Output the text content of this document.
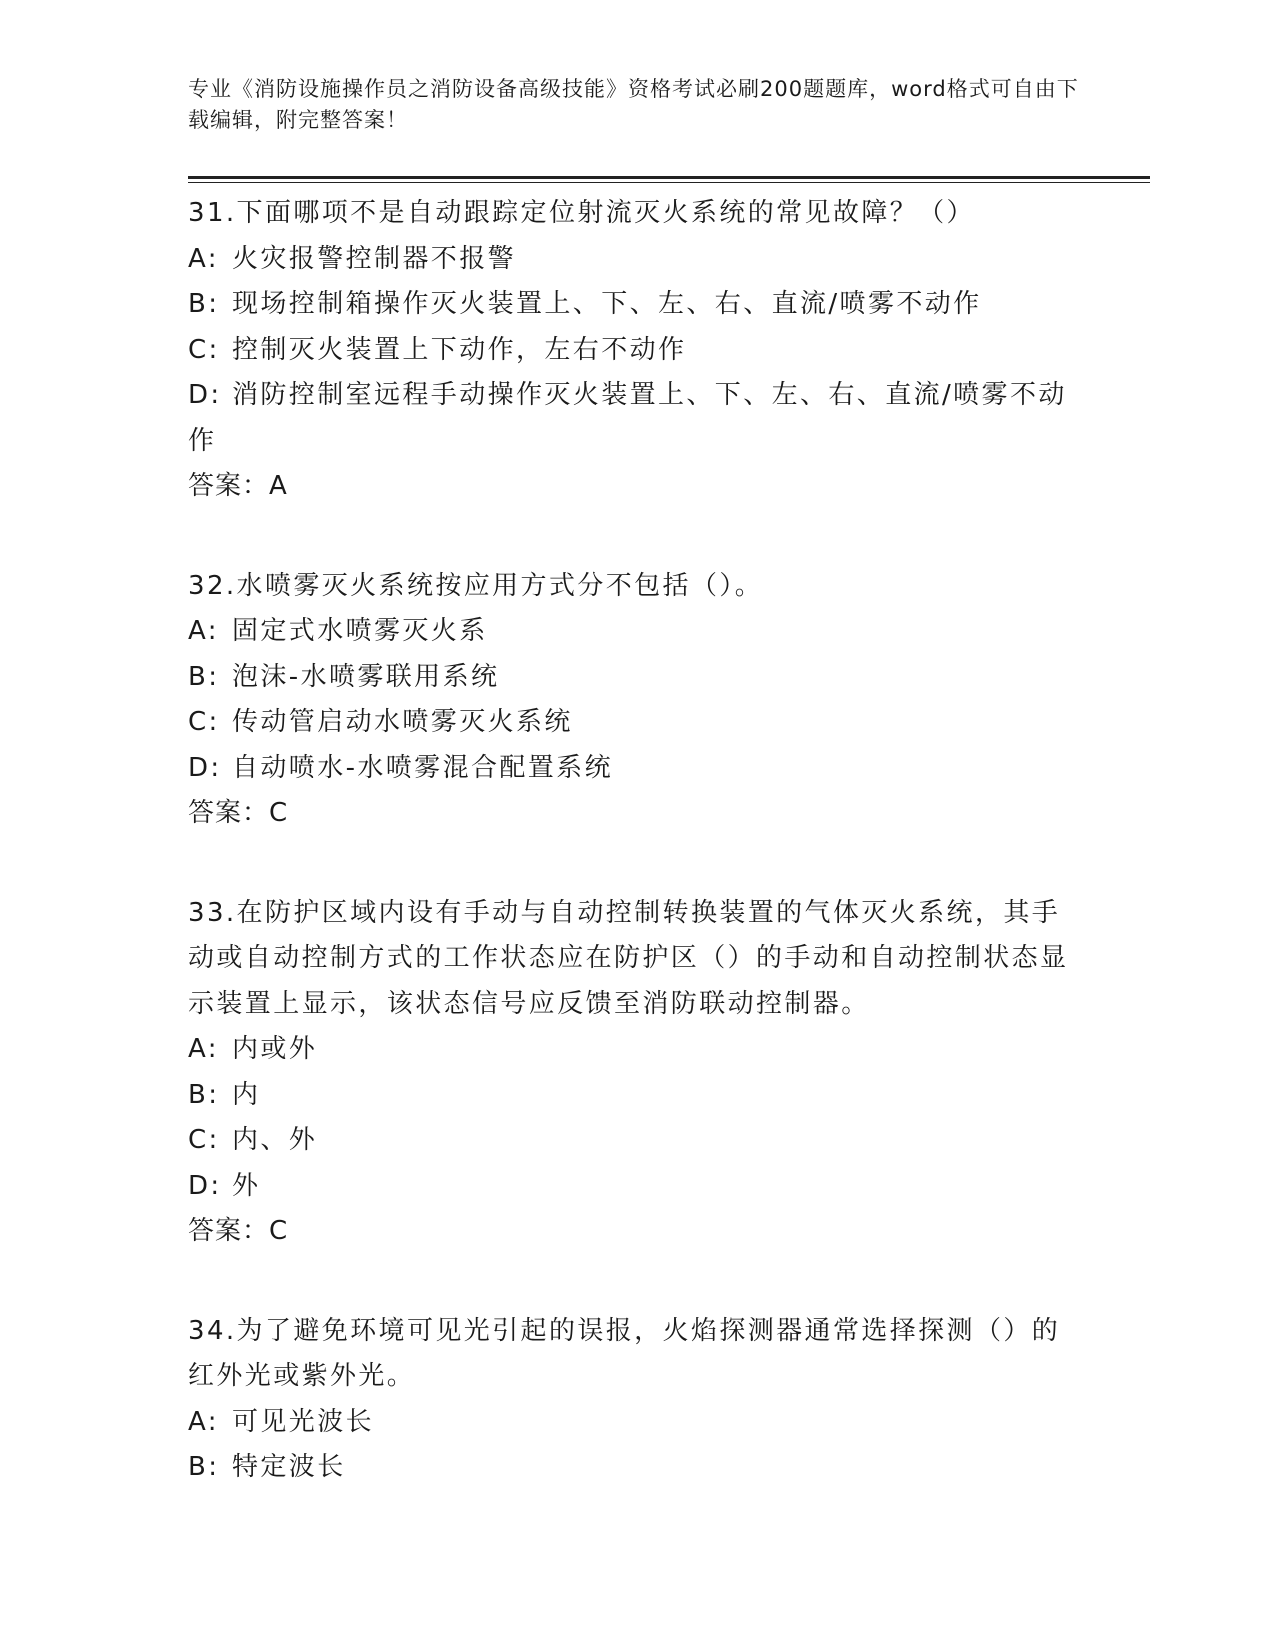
专业《消防设施操作员之消防设备高级技能》资格考试必刷200题题库，word格式可自由下载编辑，附完整答案！
31.下面哪项不是自动跟踪定位射流灭火系统的常见故障？（）
A: 火灾报警控制器不报警
B: 现场控制箱操作灭火装置上、下、左、右、直流/喷雾不动作
C: 控制灭火装置上下动作，左右不动作
D: 消防控制室远程手动操作灭火装置上、下、左、右、直流/喷雾不动作
答案：A
32.水喷雾灭火系统按应用方式分不包括（）。
A: 固定式水喷雾灭火系
B: 泡沫-水喷雾联用系统
C: 传动管启动水喷雾灭火系统
D: 自动喷水-水喷雾混合配置系统
答案：C
33.在防护区域内设有手动与自动控制转换装置的气体灭火系统，其手动或自动控制方式的工作状态应在防护区（）的手动和自动控制状态显示装置上显示，该状态信号应反馈至消防联动控制器。
A: 内或外
B: 内
C: 内、外
D: 外
答案：C
34.为了避免环境可见光引起的误报，火焰探测器通常选择探测（）的红外光或紫外光。
A: 可见光波长
B: 特定波长
